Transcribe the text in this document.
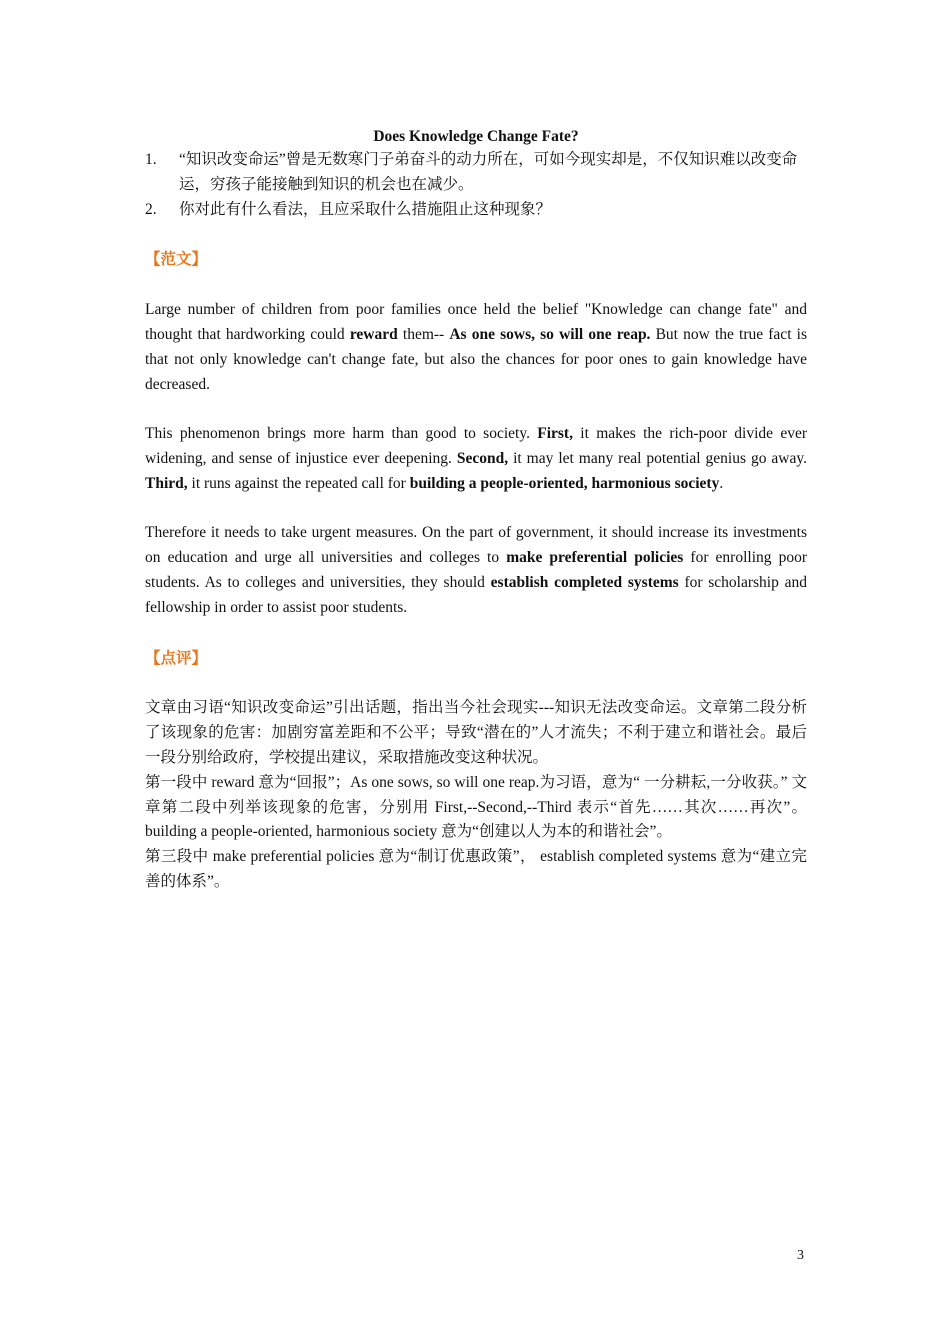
Does Knowledge Change Fate?
1.	“知识改变命运”曾是无数寒门子弟奋斗的动力所在，可如今现实却是，不仅知识难以改变命运，穷孩子能接触到知识的机会也在减少。
2.	你对此有什么看法，且应采取什么措施阻止这种现象？
【范文】

Large number of children from poor families once held the belief "Knowledge can change fate" and thought that hardworking could reward them-- As one sows, so will one reap. But now the true fact is that not only knowledge can't change fate, but also the chances for poor ones to gain knowledge have decreased.

This phenomenon brings more harm than good to society. First, it makes the rich-poor divide ever widening, and sense of injustice ever deepening. Second, it may let many real potential genius go away. Third, it runs against the repeated call for building a people-oriented, harmonious society.

Therefore it needs to take urgent measures. On the part of government, it should increase its investments on education and urge all universities and colleges to make preferential policies for enrolling poor students. As to colleges and universities, they should establish completed systems for scholarship and fellowship in order to assist poor students.

【点评】

文章由习语“知识改变命运”引出话题，指出当今社会现实---知识无法改变命运。文章第二段分析了该现象的危害：加剧穷富差距和不公平；导致“潜在的”人才流失；不利于建立和谐社会。最后一段分别给政府，学校提出建议，采取措施改变这种状况。

第一段中 reward 意为“回报”；As one sows, so will one reap.为习语，意为“ 一分耕耘,一分收获。” 文章第二段中列举该现象的危害，分别用 First,--Second,--Third 表示“首先……其次……再次”。building a people-oriented, harmonious society 意为“创建以人为本的和谐社会”。

第三段中 make preferential policies 意为“制订优惠政策”， establish completed systems 意为“建立完善的体系”。

3
